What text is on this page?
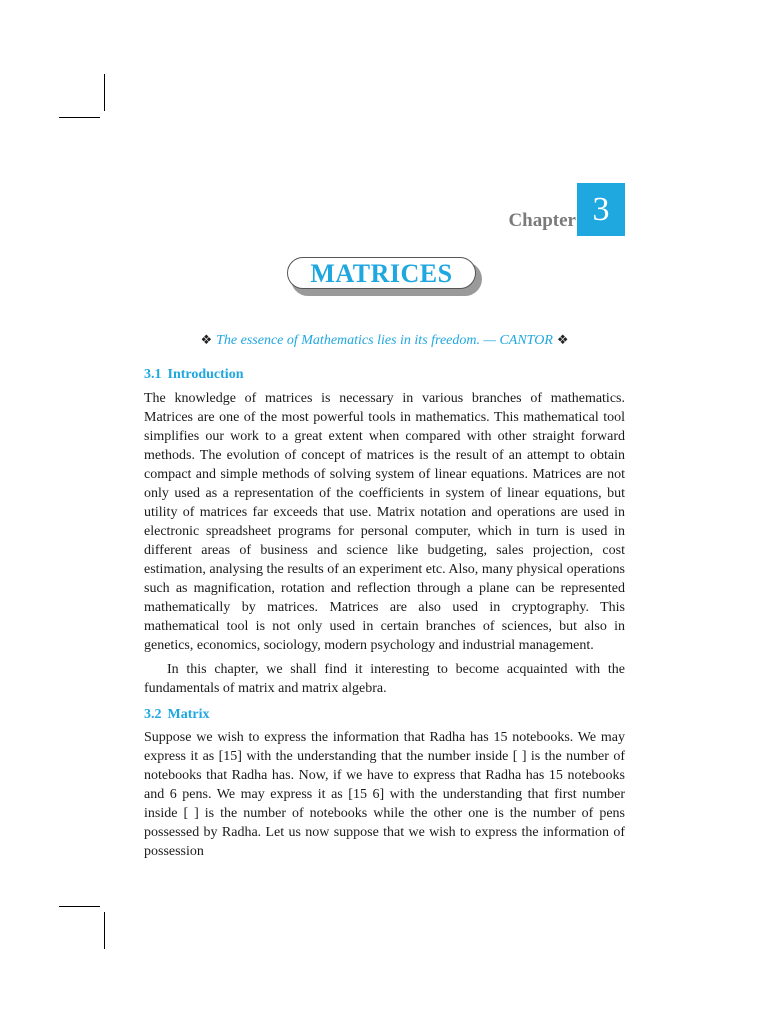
Chapter 3
MATRICES
❖ The essence of Mathematics lies in its freedom. — CANTOR ❖
3.1 Introduction

The knowledge of matrices is necessary in various branches of mathematics. Matrices are one of the most powerful tools in mathematics. This mathematical tool simplifies our work to a great extent when compared with other straight forward methods. The evolution of concept of matrices is the result of an attempt to obtain compact and simple methods of solving system of linear equations. Matrices are not only used as a representation of the coefficients in system of linear equations, but utility of matrices far exceeds that use. Matrix notation and operations are used in electronic spreadsheet programs for personal computer, which in turn is used in different areas of business and science like budgeting, sales projection, cost estimation, analysing the results of an experiment etc. Also, many physical operations such as magnification, rotation and reflection through a plane can be represented mathematically by matrices. Matrices are also used in cryptography. This mathematical tool is not only used in certain branches of sciences, but also in genetics, economics, sociology, modern psychology and industrial management.

In this chapter, we shall find it interesting to become acquainted with the fundamentals of matrix and matrix algebra.

3.2 Matrix

Suppose we wish to express the information that Radha has 15 notebooks. We may express it as [15] with the understanding that the number inside [ ] is the number of notebooks that Radha has. Now, if we have to express that Radha has 15 notebooks and 6 pens. We may express it as [15 6] with the understanding that first number inside [ ] is the number of notebooks while the other one is the number of pens possessed by Radha. Let us now suppose that we wish to express the information of possession
